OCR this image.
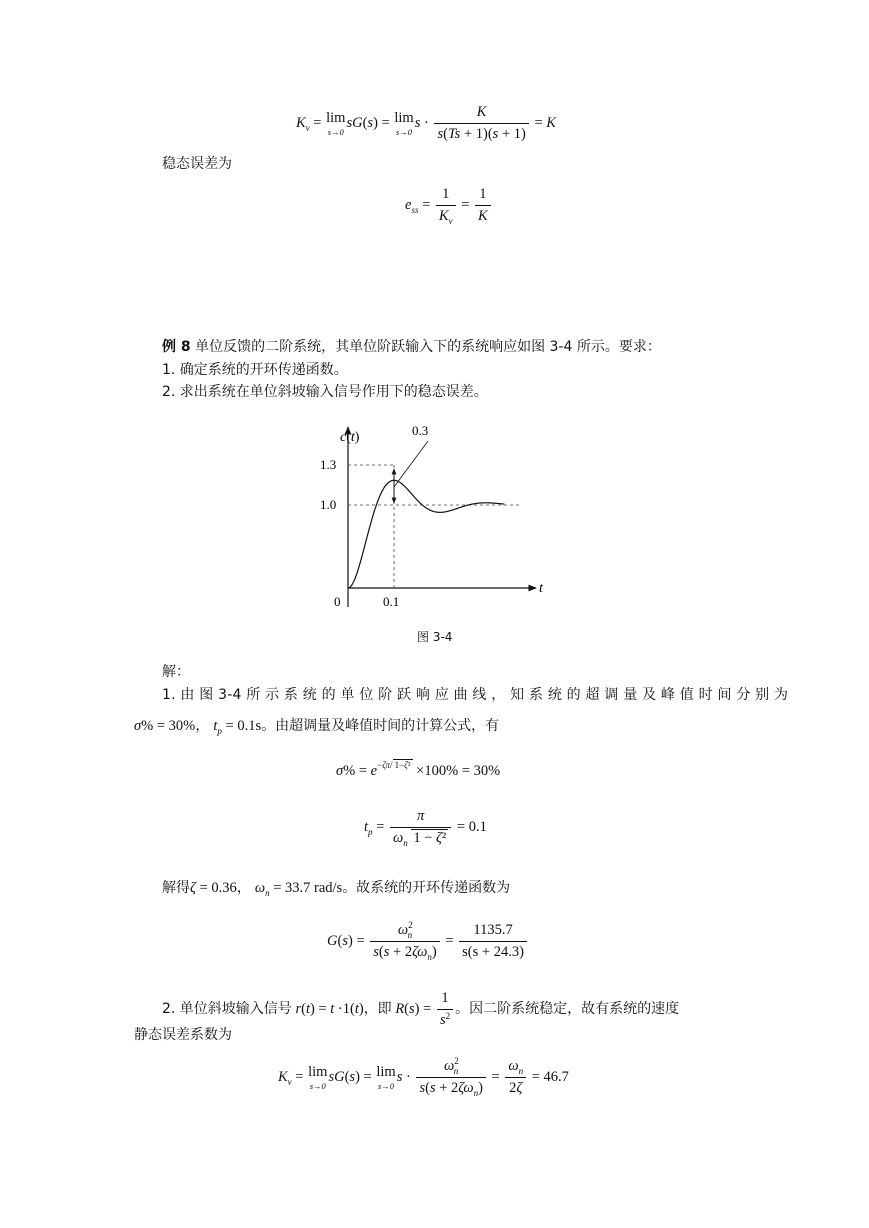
$K_v = \lim$
s→0
sG(s) = lim
s→0
$s \cdot \frac{K}{s(Ts + 1)(s + 1)} = K$
稳态误差为
$e_{ss} = \frac{1}{K_v} = \frac{1}{K}$
例 8 单位反馈的二阶系统，其单位阶跃输入下的系统响应如图 3-4 所示。要求：
1. 确定系统的开环传递函数。
2. 求出系统在单位斜坡输入信号作用下的稳态误差。
0.3
c(t)
t
1.3
1.0
0	0.1
图 3-4
解：
1. 由 图 3-4 所 示 系 统 的 单 位 阶 跃 响 应 曲 线 ， 知 系 统 的 超 调 量 及 峰 值 时 间 分 别 为
σ% = 30%， $t_p = 0.1s$。由超调量及峰值时间的计算公式，有
$\sigma\% = e^{-\zeta\pi/ 1-\zeta^2} \times 100\% = 30\%$
$t_p = \frac{\pi}{\omega_n 1 - \zeta^2} = 0.1$
解得ζ = 0.36， $\omega_n = 33.7$ rad/s。故系统的开环传递函数为
$G(s) = \frac{\omega^2_n}{s(s + 2\zeta\omega_n)} = \frac{1135.7}{s(s + 24.3)}$
2. 单位斜坡输入信号 r(t) = t ·1(t)，即 $R(s) = \frac{1}{s^2}$ 。因二阶系统稳定，故有系统的速度
静态误差系数为
$K_v = \lim$
s→0
sG(s) = lim
s→0
$s \cdot \frac{\omega^2_n}{s(s + 2\zeta\omega_n)} = \frac{\omega_n}{2\zeta} = 46.7$
